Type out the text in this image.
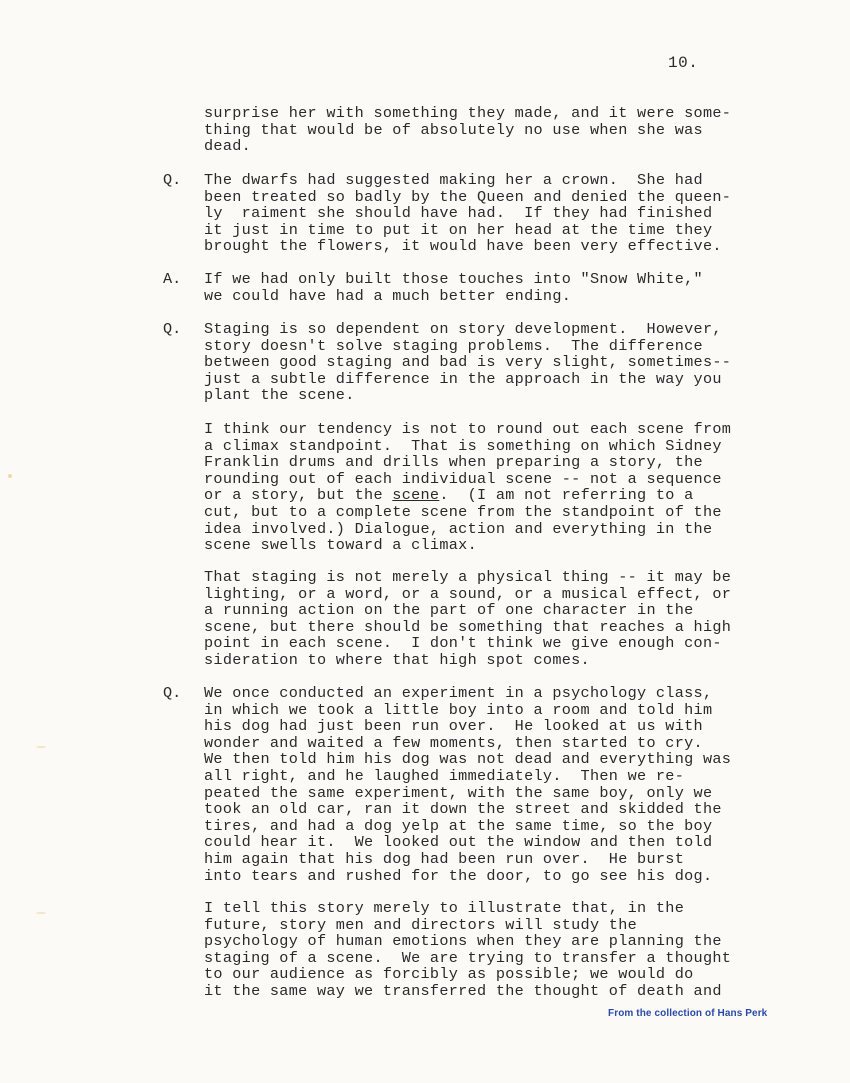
10.
surprise her with something they made, and it were some-
thing that would be of absolutely no use when she was
dead.
Q. The dwarfs had suggested making her a crown.  She had
been treated so badly by the Queen and denied the queen-
ly  raiment she should have had.  If they had finished
it just in time to put it on her head at the time they
brought the flowers, it would have been very effective.
A. If we had only built those touches into "Snow White,"
we could have had a much better ending.
Q. Staging is so dependent on story development.  However,
story doesn't solve staging problems.  The difference
between good staging and bad is very slight, sometimes--
just a subtle difference in the approach in the way you
plant the scene.
I think our tendency is not to round out each scene from
a climax standpoint.  That is something on which Sidney
Franklin drums and drills when preparing a story, the
rounding out of each individual scene -- not a sequence
or a story, but the scene.  (I am not referring to a
cut, but to a complete scene from the standpoint of the
idea involved.) Dialogue, action and everything in the
scene swells toward a climax.
That staging is not merely a physical thing -- it may be
lighting, or a word, or a sound, or a musical effect, or
a running action on the part of one character in the
scene, but there should be something that reaches a high
point in each scene.  I don't think we give enough con-
sideration to where that high spot comes.
Q. We once conducted an experiment in a psychology class,
in which we took a little boy into a room and told him
his dog had just been run over.  He looked at us with
wonder and waited a few moments, then started to cry.
We then told him his dog was not dead and everything was
all right, and he laughed immediately.  Then we re-
peated the same experiment, with the same boy, only we
took an old car, ran it down the street and skidded the
tires, and had a dog yelp at the same time, so the boy
could hear it.  We looked out the window and then told
him again that his dog had been run over.  He burst
into tears and rushed for the door, to go see his dog.
I tell this story merely to illustrate that, in the
future, story men and directors will study the
psychology of human emotions when they are planning the
staging of a scene.  We are trying to transfer a thought
to our audience as forcibly as possible; we would do
it the same way we transferred the thought of death and
From the collection of Hans Perk
